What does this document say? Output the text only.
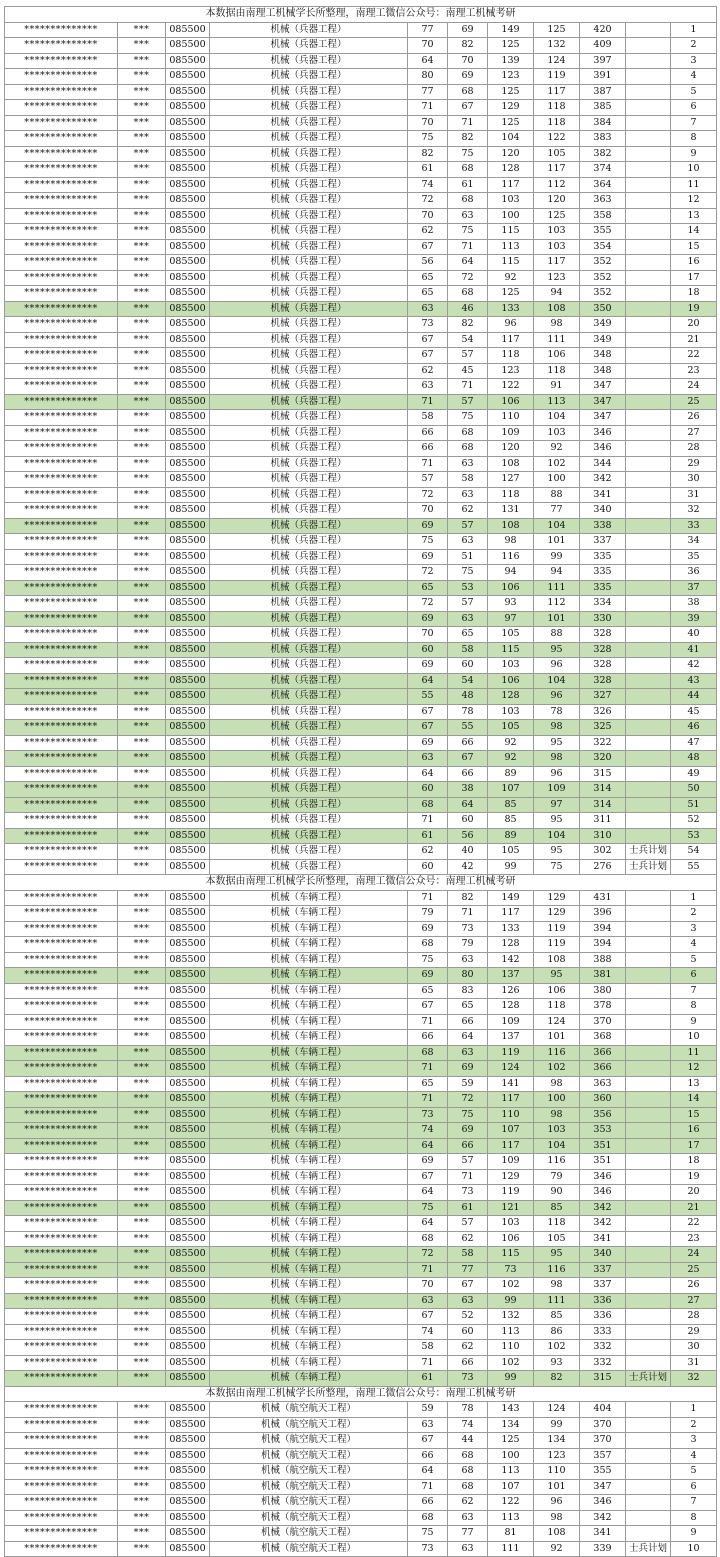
本数据由南理工机械学长所整理，南理工微信公众号：南理工机械考研										
**************	***	085500	机械（兵器工程）	77	69	149	125	420		1
**************	***	085500	机械（兵器工程）	70	82	125	132	409		2
**************	***	085500	机械（兵器工程）	64	70	139	124	397		3
**************	***	085500	机械（兵器工程）	80	69	123	119	391		4
**************	***	085500	机械（兵器工程）	77	68	125	117	387		5
**************	***	085500	机械（兵器工程）	71	67	129	118	385		6
**************	***	085500	机械（兵器工程）	70	71	125	118	384		7
**************	***	085500	机械（兵器工程）	75	82	104	122	383		8
**************	***	085500	机械（兵器工程）	82	75	120	105	382		9
**************	***	085500	机械（兵器工程）	61	68	128	117	374		10
**************	***	085500	机械（兵器工程）	74	61	117	112	364		11
**************	***	085500	机械（兵器工程）	72	68	103	120	363		12
**************	***	085500	机械（兵器工程）	70	63	100	125	358		13
**************	***	085500	机械（兵器工程）	62	75	115	103	355		14
**************	***	085500	机械（兵器工程）	67	71	113	103	354		15
**************	***	085500	机械（兵器工程）	56	64	115	117	352		16
**************	***	085500	机械（兵器工程）	65	72	92	123	352		17
**************	***	085500	机械（兵器工程）	65	68	125	94	352		18
**************	***	085500	机械（兵器工程）	63	46	133	108	350		19
**************	***	085500	机械（兵器工程）	73	82	96	98	349		20
**************	***	085500	机械（兵器工程）	67	54	117	111	349		21
**************	***	085500	机械（兵器工程）	67	57	118	106	348		22
**************	***	085500	机械（兵器工程）	62	45	123	118	348		23
**************	***	085500	机械（兵器工程）	63	71	122	91	347		24
**************	***	085500	机械（兵器工程）	71	57	106	113	347		25
**************	***	085500	机械（兵器工程）	58	75	110	104	347		26
**************	***	085500	机械（兵器工程）	66	68	109	103	346		27
**************	***	085500	机械（兵器工程）	66	68	120	92	346		28
**************	***	085500	机械（兵器工程）	71	63	108	102	344		29
**************	***	085500	机械（兵器工程）	57	58	127	100	342		30
**************	***	085500	机械（兵器工程）	72	63	118	88	341		31
**************	***	085500	机械（兵器工程）	70	62	131	77	340		32
**************	***	085500	机械（兵器工程）	69	57	108	104	338		33
**************	***	085500	机械（兵器工程）	75	63	98	101	337		34
**************	***	085500	机械（兵器工程）	69	51	116	99	335		35
**************	***	085500	机械（兵器工程）	72	75	94	94	335		36
**************	***	085500	机械（兵器工程）	65	53	106	111	335		37
**************	***	085500	机械（兵器工程）	72	57	93	112	334		38
**************	***	085500	机械（兵器工程）	69	63	97	101	330		39
**************	***	085500	机械（兵器工程）	70	65	105	88	328		40
**************	***	085500	机械（兵器工程）	60	58	115	95	328		41
**************	***	085500	机械（兵器工程）	69	60	103	96	328		42
**************	***	085500	机械（兵器工程）	64	54	106	104	328		43
**************	***	085500	机械（兵器工程）	55	48	128	96	327		44
**************	***	085500	机械（兵器工程）	67	78	103	78	326		45
**************	***	085500	机械（兵器工程）	67	55	105	98	325		46
**************	***	085500	机械（兵器工程）	69	66	92	95	322		47
**************	***	085500	机械（兵器工程）	63	67	92	98	320		48
**************	***	085500	机械（兵器工程）	64	66	89	96	315		49
**************	***	085500	机械（兵器工程）	60	38	107	109	314		50
**************	***	085500	机械（兵器工程）	68	64	85	97	314		51
**************	***	085500	机械（兵器工程）	71	60	85	95	311		52
**************	***	085500	机械（兵器工程）	61	56	89	104	310		53
**************	***	085500	机械（兵器工程）	62	40	105	95	302	士兵计划	54
**************	***	085500	机械（兵器工程）	60	42	99	75	276	士兵计划	55
本数据由南理工机械学长所整理，南理工微信公众号：南理工机械考研										
**************	***	085500	机械（车辆工程）	71	82	149	129	431		1
**************	***	085500	机械（车辆工程）	79	71	117	129	396		2
**************	***	085500	机械（车辆工程）	69	73	133	119	394		3
**************	***	085500	机械（车辆工程）	68	79	128	119	394		4
**************	***	085500	机械（车辆工程）	75	63	142	108	388		5
**************	***	085500	机械（车辆工程）	69	80	137	95	381		6
**************	***	085500	机械（车辆工程）	65	83	126	106	380		7
**************	***	085500	机械（车辆工程）	67	65	128	118	378		8
**************	***	085500	机械（车辆工程）	71	66	109	124	370		9
**************	***	085500	机械（车辆工程）	66	64	137	101	368		10
**************	***	085500	机械（车辆工程）	68	63	119	116	366		11
**************	***	085500	机械（车辆工程）	71	69	124	102	366		12
**************	***	085500	机械（车辆工程）	65	59	141	98	363		13
**************	***	085500	机械（车辆工程）	71	72	117	100	360		14
**************	***	085500	机械（车辆工程）	73	75	110	98	356		15
**************	***	085500	机械（车辆工程）	74	69	107	103	353		16
**************	***	085500	机械（车辆工程）	64	66	117	104	351		17
**************	***	085500	机械（车辆工程）	69	57	109	116	351		18
**************	***	085500	机械（车辆工程）	67	71	129	79	346		19
**************	***	085500	机械（车辆工程）	64	73	119	90	346		20
**************	***	085500	机械（车辆工程）	75	61	121	85	342		21
**************	***	085500	机械（车辆工程）	64	57	103	118	342		22
**************	***	085500	机械（车辆工程）	68	62	106	105	341		23
**************	***	085500	机械（车辆工程）	72	58	115	95	340		24
**************	***	085500	机械（车辆工程）	71	77	73	116	337		25
**************	***	085500	机械（车辆工程）	70	67	102	98	337		26
**************	***	085500	机械（车辆工程）	63	63	99	111	336		27
**************	***	085500	机械（车辆工程）	67	52	132	85	336		28
**************	***	085500	机械（车辆工程）	74	60	113	86	333		29
**************	***	085500	机械（车辆工程）	58	62	110	102	332		30
**************	***	085500	机械（车辆工程）	71	66	102	93	332		31
**************	***	085500	机械（车辆工程）	61	73	99	82	315	士兵计划	32
本数据由南理工机械学长所整理，南理工微信公众号：南理工机械考研										
**************	***	085500	机械（航空航天工程）	59	78	143	124	404		1
**************	***	085500	机械（航空航天工程）	63	74	134	99	370		2
**************	***	085500	机械（航空航天工程）	67	44	125	134	370		3
**************	***	085500	机械（航空航天工程）	66	68	100	123	357		4
**************	***	085500	机械（航空航天工程）	64	68	113	110	355		5
**************	***	085500	机械（航空航天工程）	71	68	107	101	347		6
**************	***	085500	机械（航空航天工程）	66	62	122	96	346		7
**************	***	085500	机械（航空航天工程）	68	63	113	98	342		8
**************	***	085500	机械（航空航天工程）	75	77	81	108	341		9
**************	***	085500	机械（航空航天工程）	73	63	111	92	339	士兵计划	10
